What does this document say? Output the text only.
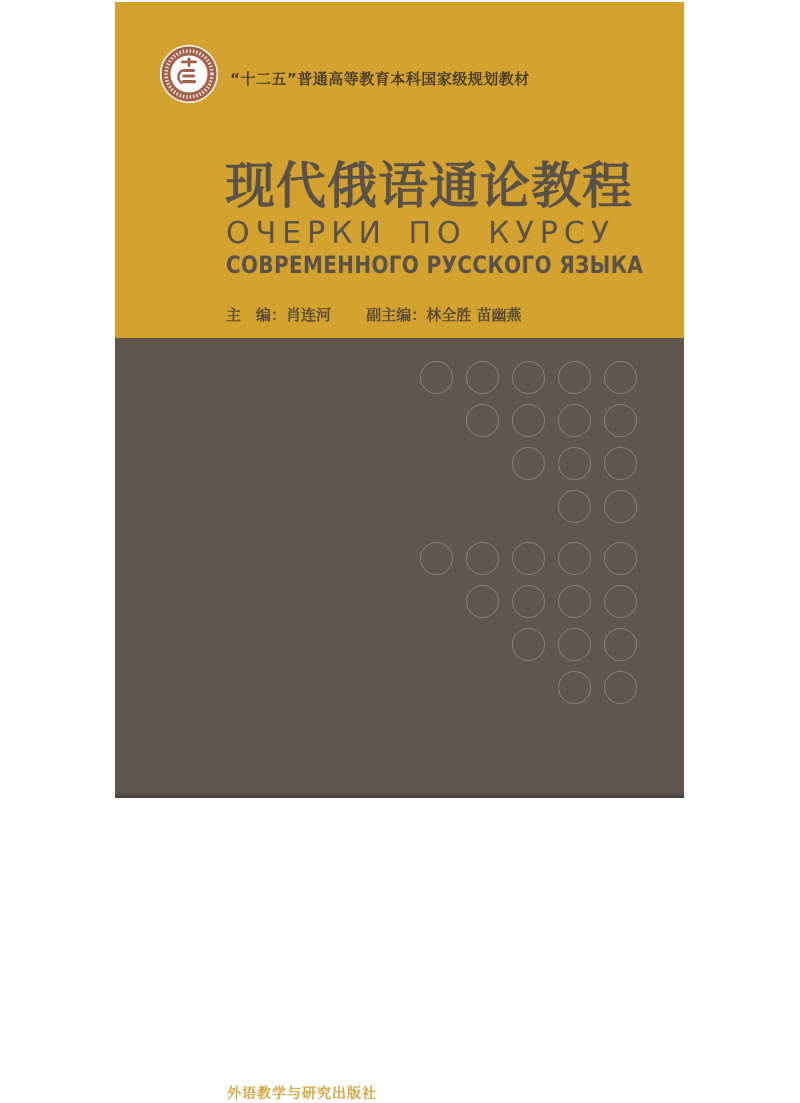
“十二五”普通高等教育本科国家级规划教材
现代俄语通论教程
ОЧЕРКИ ПО КУРСУ
СОВРЕМЕННОГО РУССКОГО ЯЗЫКА
主　编：肖连河 副主编：林全胜 苗幽燕
外语教学与研究出版社
